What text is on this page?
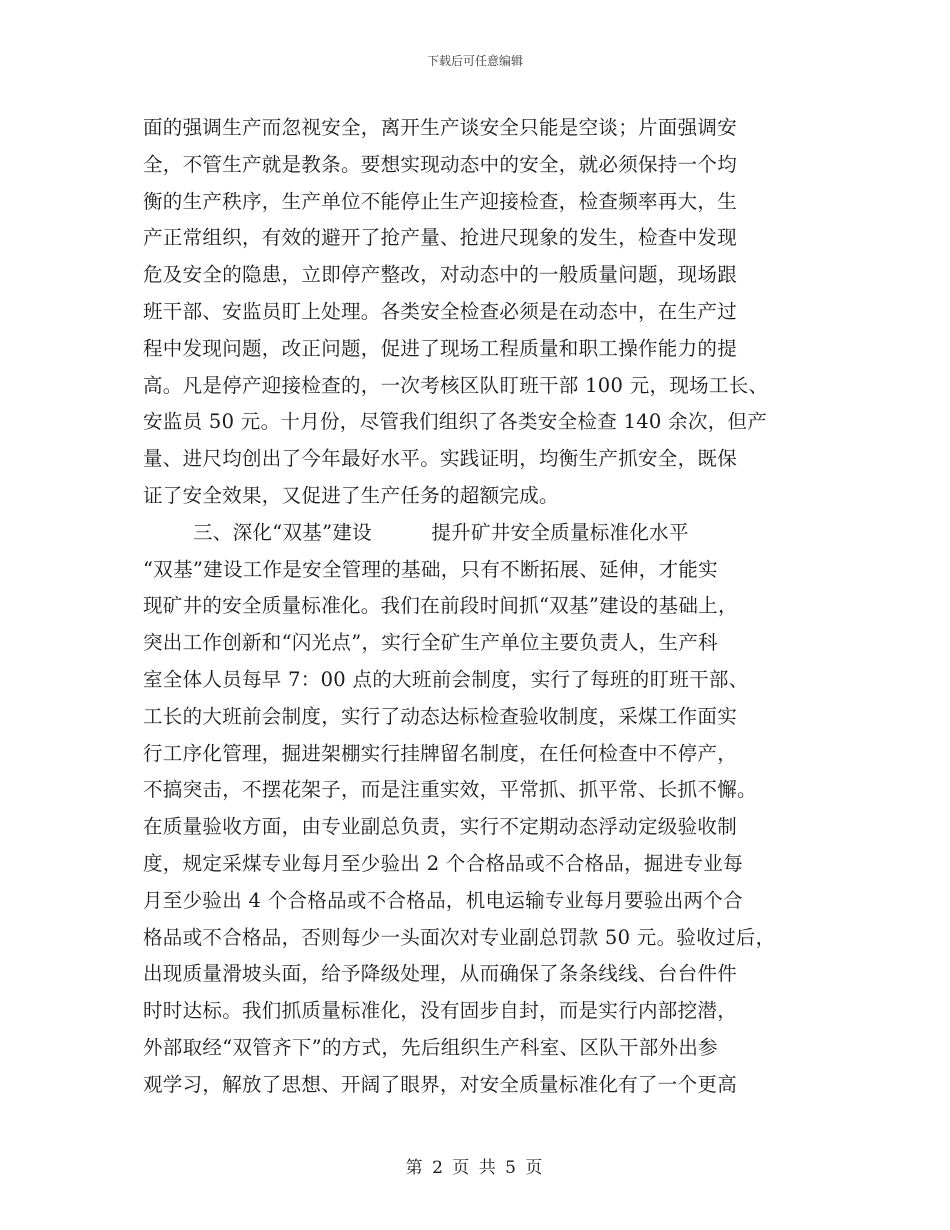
下载后可任意编辑
面的强调生产而忽视安全，离开生产谈安全只能是空谈；片面强调安
全，不管生产就是教条。要想实现动态中的安全，就必须保持一个均
衡的生产秩序，生产单位不能停止生产迎接检查，检查频率再大，生
产正常组织，有效的避开了抢产量、抢进尺现象的发生，检查中发现
危及安全的隐患，立即停产整改，对动态中的一般质量问题，现场跟
班干部、安监员盯上处理。各类安全检查必须是在动态中，在生产过
程中发现问题，改正问题，促进了现场工程质量和职工操作能力的提
高。凡是停产迎接检查的，一次考核区队盯班干部 100 元，现场工长、
安监员 50 元。十月份，尽管我们组织了各类安全检查 140 余次，但产
量、进尺均创出了今年最好水平。实践证明，均衡生产抓安全，既保
证了安全效果，又促进了生产任务的超额完成。
三、深化“双基”建设　　　提升矿井安全质量标准化水平
“双基”建设工作是安全管理的基础，只有不断拓展、延伸，才能实
现矿井的安全质量标准化。我们在前段时间抓“双基”建设的基础上，
突出工作创新和“闪光点”，实行全矿生产单位主要负责人，生产科
室全体人员每早 7：00 点的大班前会制度，实行了每班的盯班干部、
工长的大班前会制度，实行了动态达标检查验收制度，采煤工作面实
行工序化管理，掘进架棚实行挂牌留名制度，在任何检查中不停产，
不搞突击，不摆花架子，而是注重实效，平常抓、抓平常、长抓不懈。
在质量验收方面，由专业副总负责，实行不定期动态浮动定级验收制
度，规定采煤专业每月至少验出 2 个合格品或不合格品，掘进专业每
月至少验出 4 个合格品或不合格品，机电运输专业每月要验出两个合
格品或不合格品，否则每少一头面次对专业副总罚款 50 元。验收过后，
出现质量滑坡头面，给予降级处理，从而确保了条条线线、台台件件
时时达标。我们抓质量标准化，没有固步自封，而是实行内部挖潜，
外部取经“双管齐下”的方式，先后组织生产科室、区队干部外出参
观学习，解放了思想、开阔了眼界，对安全质量标准化有了一个更高
第 2 页 共 5 页
